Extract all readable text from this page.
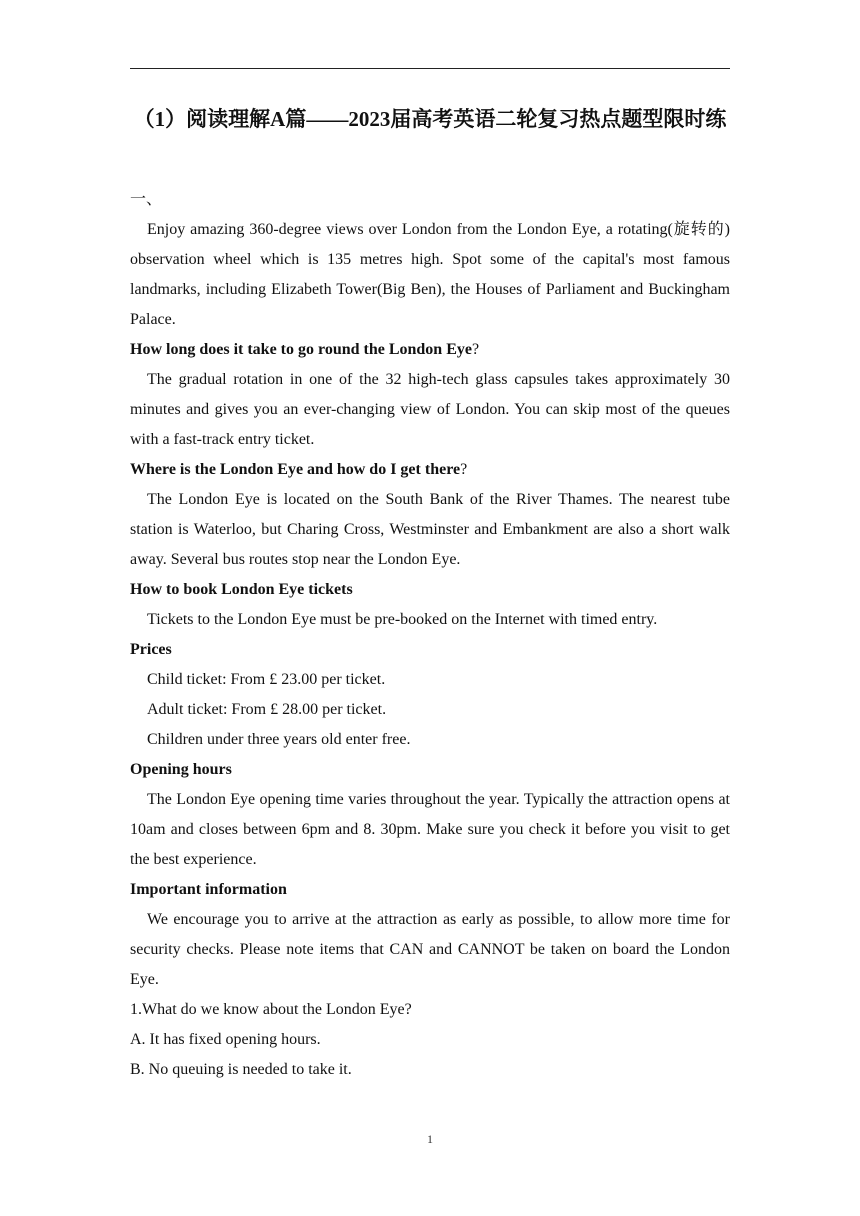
（1）阅读理解A篇——2023届高考英语二轮复习热点题型限时练

一、

Enjoy amazing 360-degree views over London from the London Eye, a rotating(旋转的) observation wheel which is 135 metres high. Spot some of the capital's most famous landmarks, including Elizabeth Tower(Big Ben), the Houses of Parliament and Buckingham Palace.

How long does it take to go round the London Eye?

The gradual rotation in one of the 32 high-tech glass capsules takes approximately 30 minutes and gives you an ever-changing view of London. You can skip most of the queues with a fast-track entry ticket.

Where is the London Eye and how do I get there?

The London Eye is located on the South Bank of the River Thames. The nearest tube station is Waterloo, but Charing Cross, Westminster and Embankment are also a short walk away. Several bus routes stop near the London Eye.

How to book London Eye tickets

Tickets to the London Eye must be pre-booked on the Internet with timed entry.

Prices

Child ticket: From £ 23.00 per ticket.

Adult ticket: From £ 28.00 per ticket.

Children under three years old enter free.

Opening hours

The London Eye opening time varies throughout the year. Typically the attraction opens at 10am and closes between 6pm and 8. 30pm. Make sure you check it before you visit to get the best experience.

Important information

We encourage you to arrive at the attraction as early as possible, to allow more time for security checks. Please note items that CAN and CANNOT be taken on board the London Eye.

1.What do we know about the London Eye?

A. It has fixed opening hours.

B. No queuing is needed to take it.

1
